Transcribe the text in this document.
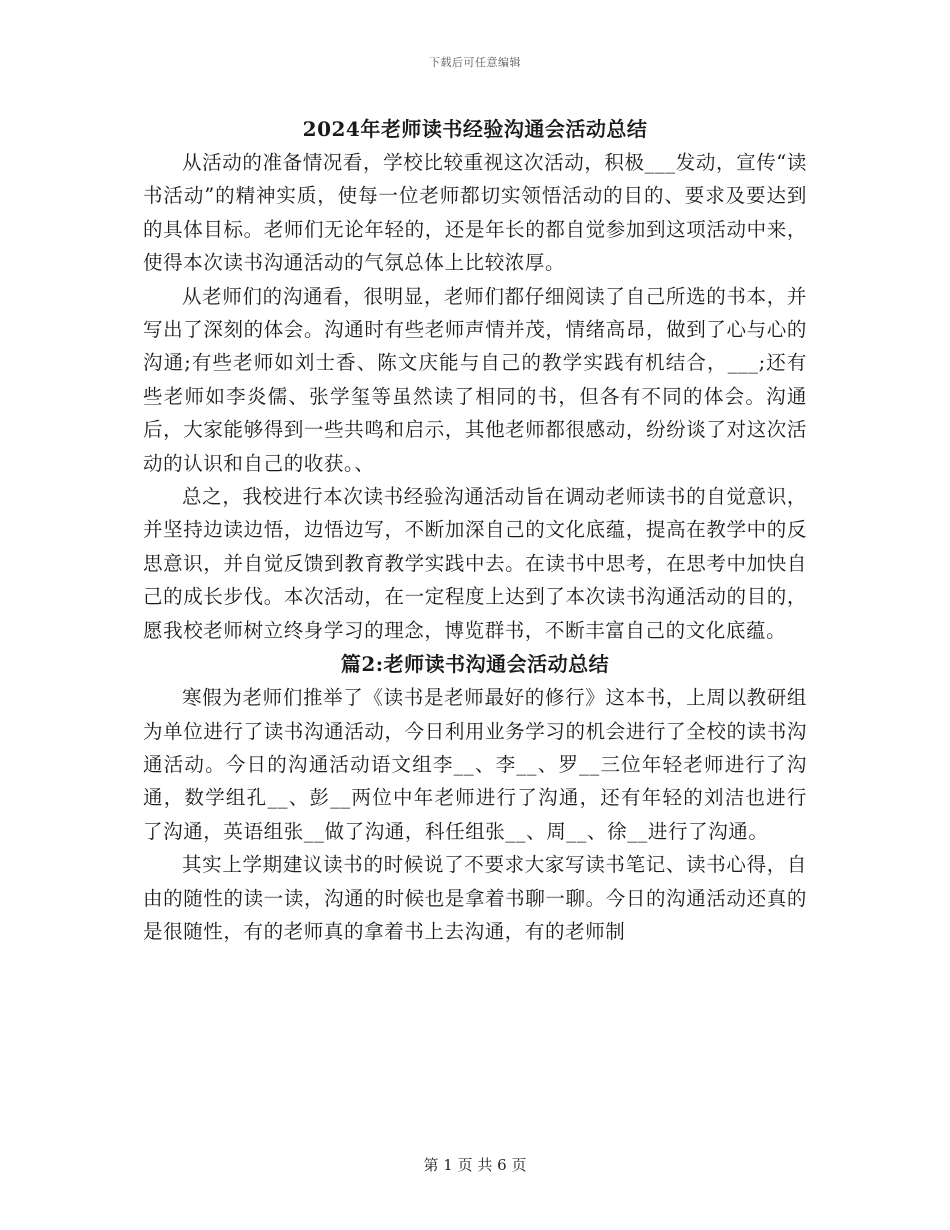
下载后可任意编辑
2024年老师读书经验沟通会活动总结

从活动的准备情况看，学校比较重视这次活动，积极___发动，宣传“读书活动”的精神实质，使每一位老师都切实领悟活动的目的、要求及要达到的具体目标。老师们无论年轻的，还是年长的都自觉参加到这项活动中来，使得本次读书沟通活动的气氛总体上比较浓厚。

从老师们的沟通看，很明显，老师们都仔细阅读了自己所选的书本，并写出了深刻的体会。沟通时有些老师声情并茂，情绪高昂，做到了心与心的沟通;有些老师如刘士香、陈文庆能与自己的教学实践有机结合，___;还有些老师如李炎儒、张学玺等虽然读了相同的书，但各有不同的体会。沟通后，大家能够得到一些共鸣和启示，其他老师都很感动，纷纷谈了对这次活动的认识和自己的收获。、

总之，我校进行本次读书经验沟通活动旨在调动老师读书的自觉意识，并坚持边读边悟，边悟边写，不断加深自己的文化底蕴，提高在教学中的反思意识，并自觉反馈到教育教学实践中去。在读书中思考，在思考中加快自己的成长步伐。本次活动，在一定程度上达到了本次读书沟通活动的目的，愿我校老师树立终身学习的理念，博览群书，不断丰富自己的文化底蕴。

篇2:老师读书沟通会活动总结

寒假为老师们推举了《读书是老师最好的修行》这本书，上周以教研组为单位进行了读书沟通活动，今日利用业务学习的机会进行了全校的读书沟通活动。今日的沟通活动语文组李__、李__、罗__三位年轻老师进行了沟通，数学组孔__、彭__两位中年老师进行了沟通，还有年轻的刘洁也进行了沟通，英语组张__做了沟通，科任组张__、周__、徐__进行了沟通。

其实上学期建议读书的时候说了不要求大家写读书笔记、读书心得，自由的随性的读一读，沟通的时候也是拿着书聊一聊。今日的沟通活动还真的是很随性，有的老师真的拿着书上去沟通，有的老师制

第 1 页 共 6 页
